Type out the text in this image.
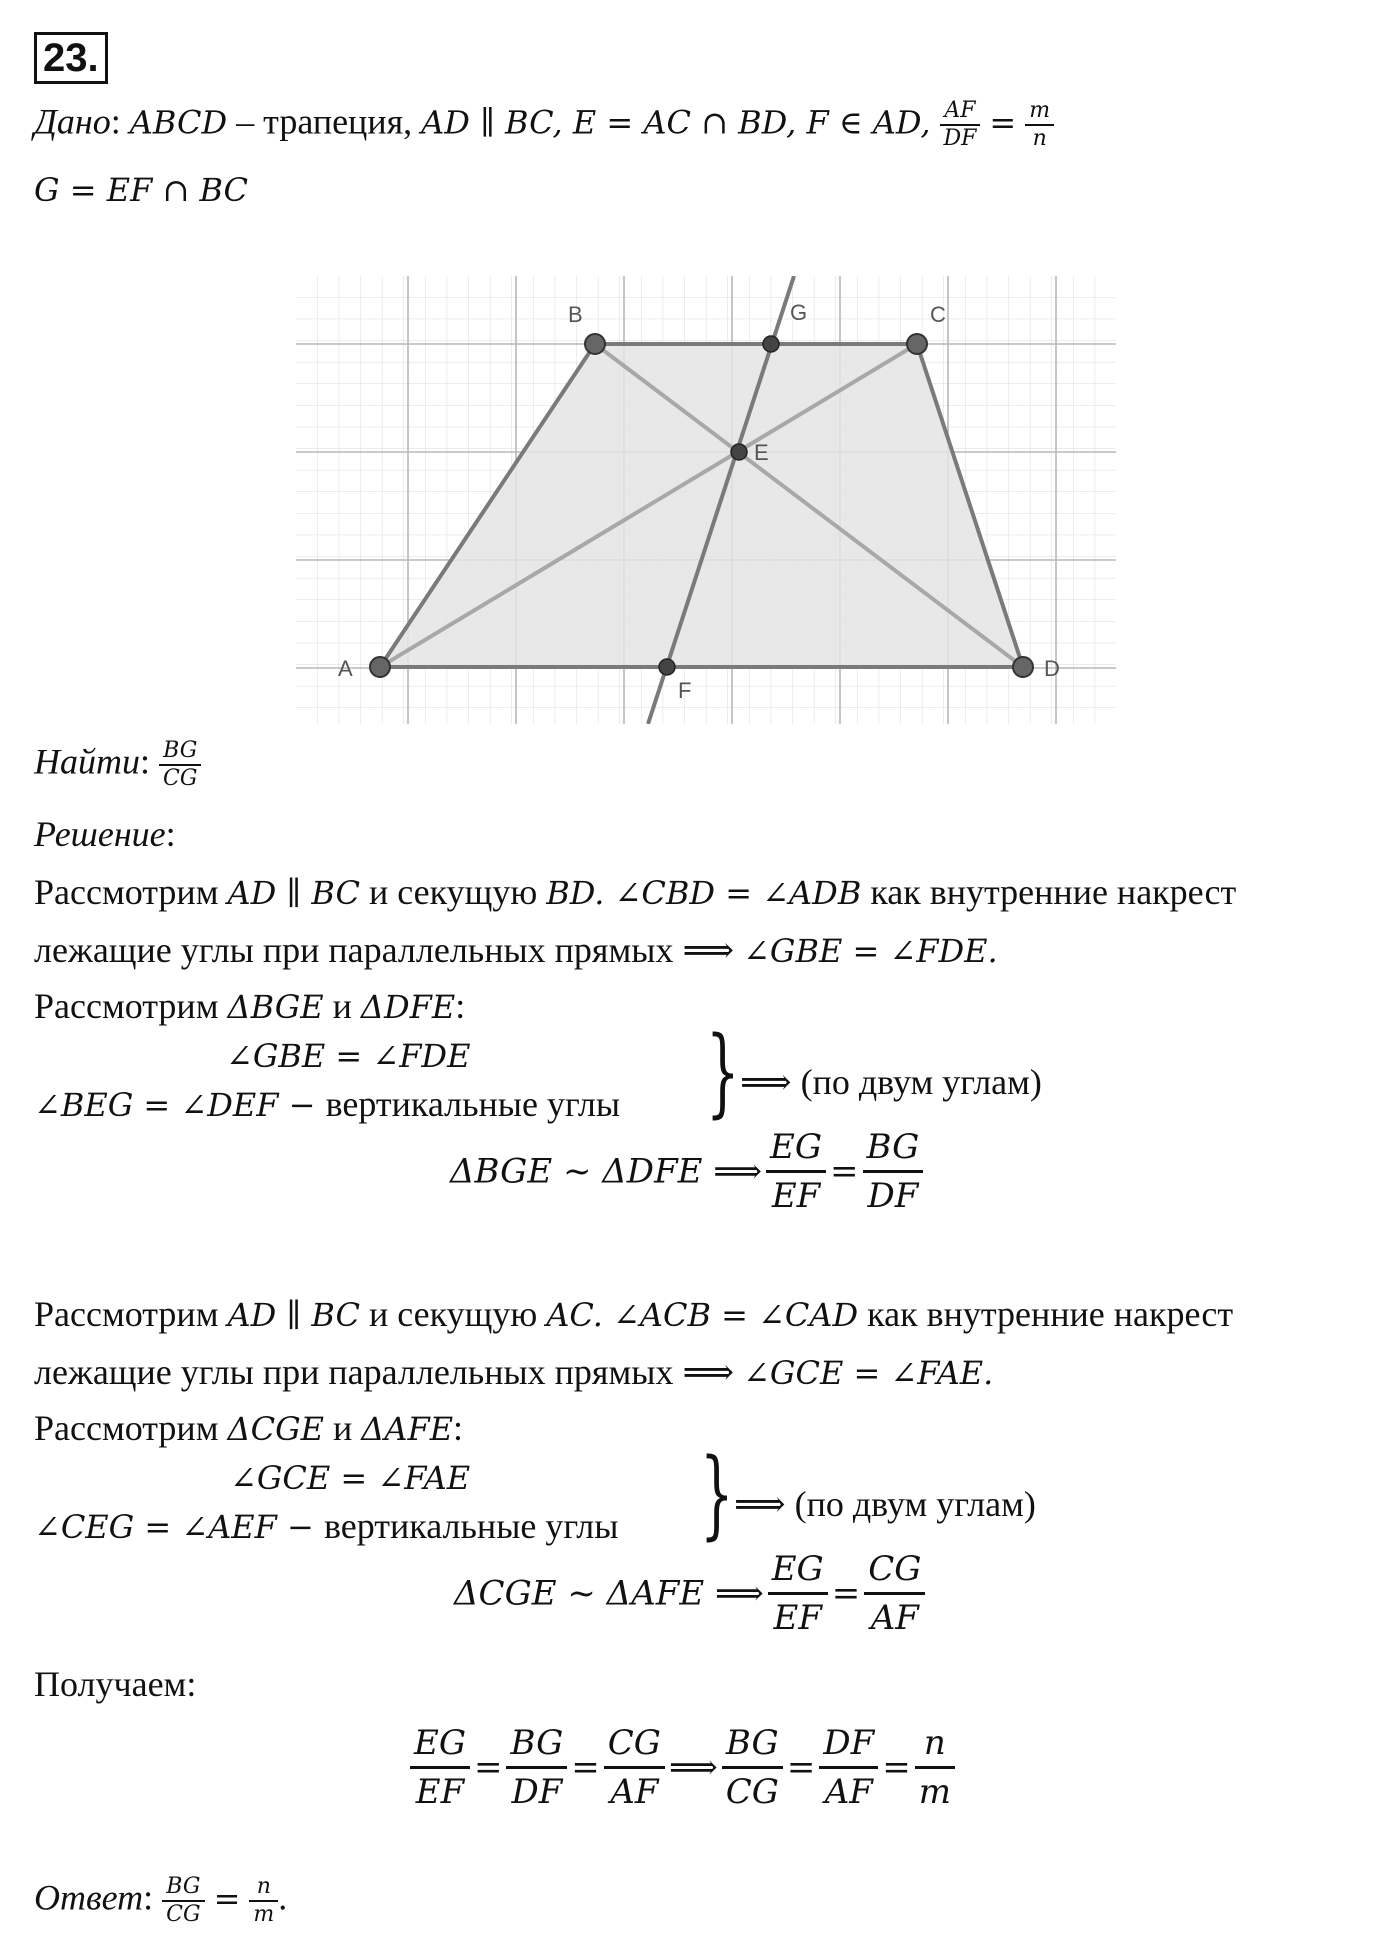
23.
Дано: ABCD – трапеция, AD ∥ BC, E = AC ∩ BD, F ∈ AD, $\frac{AF}{DF} = \frac{m}{n}$
G = EF ∩ BC
A
B	C
D
E
F
G
Найти: $\frac{BG}{CG}$
Решение:
Рассмотрим AD ∥ BC и секущую BD. ∠CBD = ∠ADB как внутренние накрест
лежащие углы при параллельных прямых ⟹ ∠GBE = ∠FDE.
Рассмотрим ΔBGE и ΔDFE:
∠GBE = ∠FDE
∠BEG = ∠DEF − вертикальные углы } ⟹ (по двум углам)
ΔBGE ~ ΔDFE ⟹ $\frac{EG}{EF} = \frac{BG}{DF}$
Рассмотрим AD ∥ BC и секущую AC. ∠ACB = ∠CAD как внутренние накрест
лежащие углы при параллельных прямых ⟹ ∠GCE = ∠FAE.
Рассмотрим ΔCGE и ΔAFE:
∠GCE = ∠FAE
∠CEG = ∠AEF − вертикальные углы } ⟹ (по двум углам)
ΔCGE ~ ΔAFE ⟹ $\frac{EG}{EF} = \frac{CG}{AF}$
Получаем:
$\frac{EG}{EF} = \frac{BG}{DF} = \frac{CG}{AF}$ ⟹ $\frac{BG}{CG} = \frac{DF}{AF} = \frac{n}{m}$
Ответ: $\frac{BG}{CG} = \frac{n}{m}$ .
